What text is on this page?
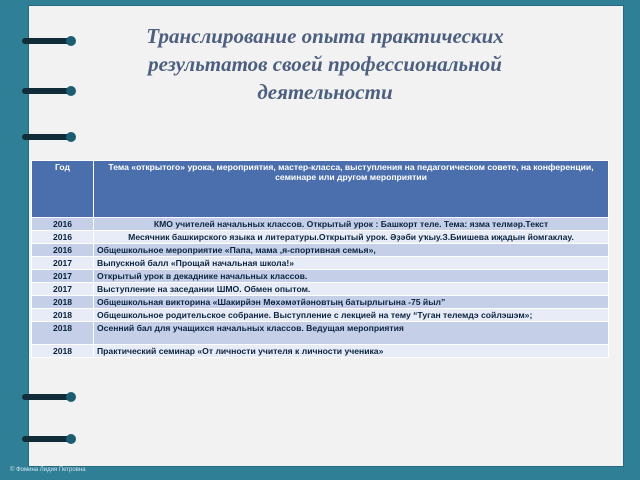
Транслирование опыта практических
результатов своей профессиональной
деятельности
Год	Тема «открытого» урока, мероприятия, мастер-класса, выступления на педагогическом совете, на конференции, семинаре или другом мероприятии
2016	КМО учителей начальных классов. Открытый урок : Башкорт теле. Тема: язма телмәр.Текст
2016	Месячник башкирского языка и литературы.Открытый урок. Әҙәби уҡыу.З.Биишева иҗадын йомгаклау.
2016	Общешкольное мероприятие «Папа, мама ,я-спортивная семья»,
2017	Выпускной балл «Прощай начальная школа!»
2017	Открытый урок в декаднике начальных классов.
2017	Выступление на заседании ШМО. Обмен опытом.
2018	Общешкольная викторина «Шакирйэн Мөхәмәтйәновтың батырлыгына -75 йыл”
2018	Общешкольное родительское собрание. Выступление с лекцией на тему “Туган телемдэ сойлэшэм»;
2018	Осенний бал для учащихся начальных классов. Ведущая мероприятия
2018	Практический семинар «От личности учителя к личности ученика»
© Фомина Лидия Петровна
